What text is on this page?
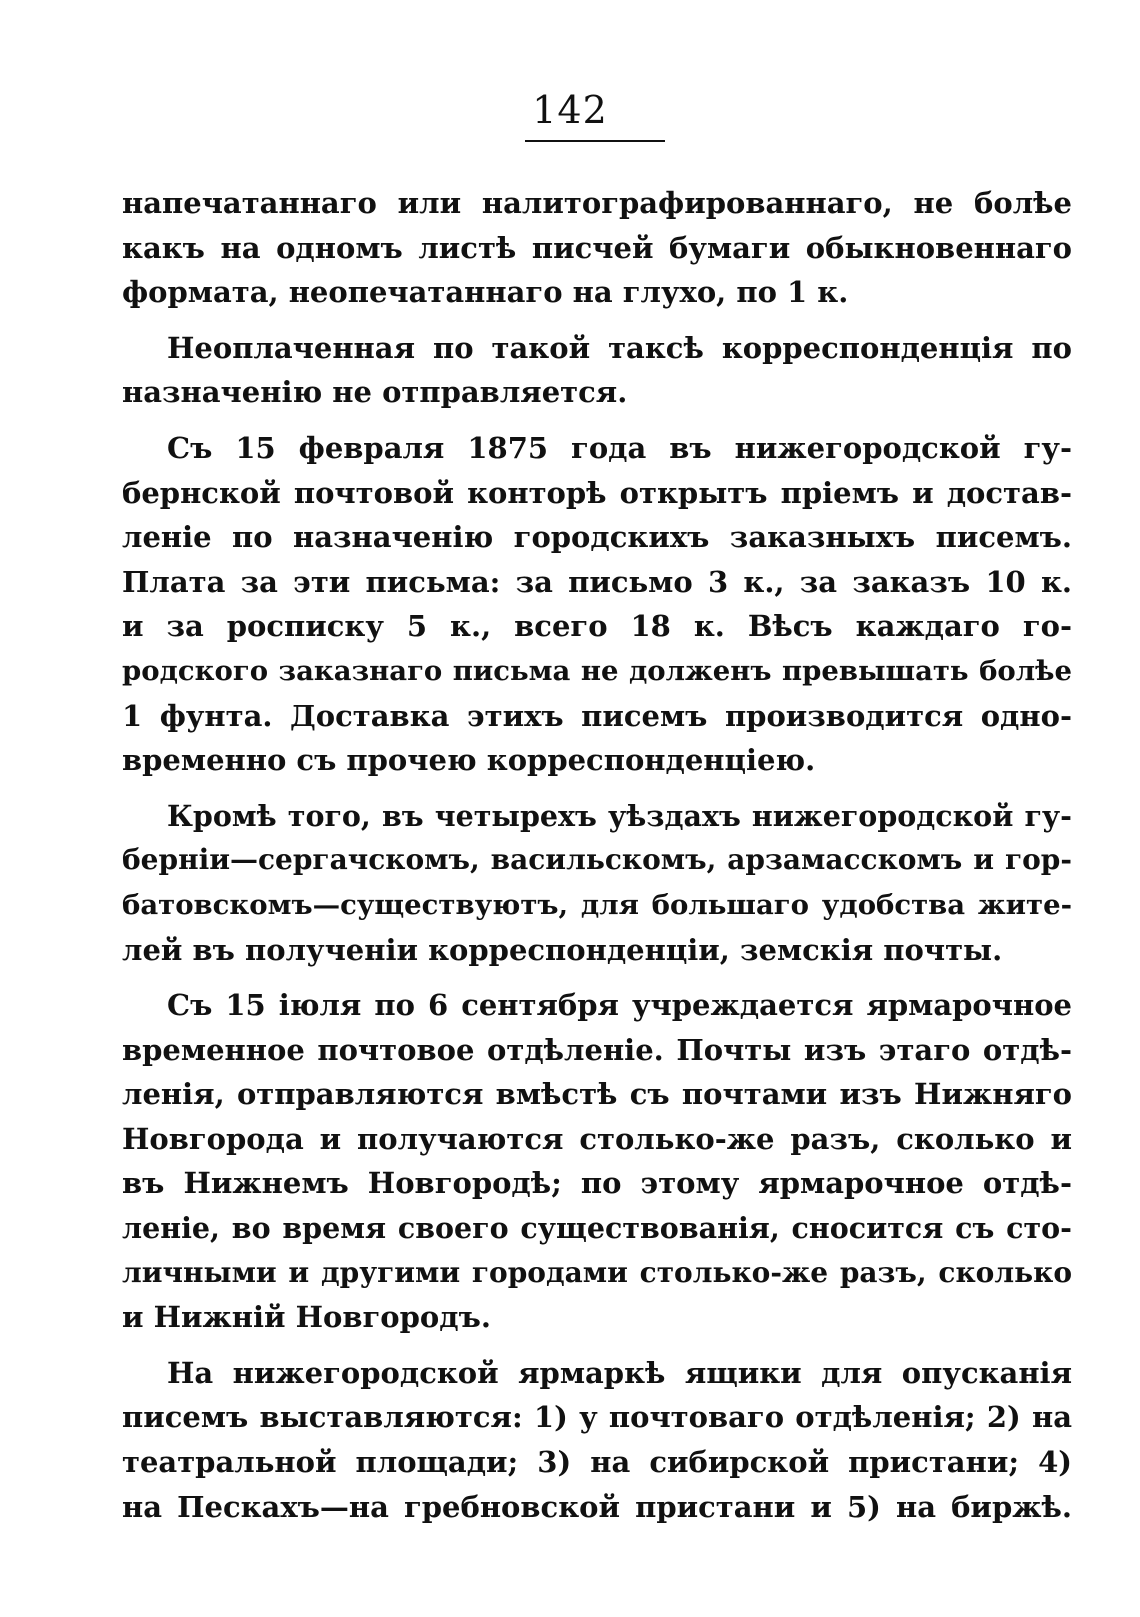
142
напечатаннаго или налитографированнаго, не болѣе
какъ на одномъ листѣ писчей бумаги обыкновеннаго
формата, неопечатаннаго на глухо, по 1 к.
Неоплаченная по такой таксѣ корреспонденція по
назначенію не отправляется.
Съ 15 февраля 1875 года въ нижегородской гу-
бернской почтовой конторѣ открытъ пріемъ и достав-
леніе по назначенію городскихъ заказныхъ писемъ.
Плата за эти письма: за письмо 3 к., за заказъ 10 к.
и за росписку 5 к., всего 18 к. Вѣсъ каждаго го-
родского заказнаго письма не долженъ превышать болѣе
1 фунта. Доставка этихъ писемъ производится одно-
временно съ прочею корреспонденціею.
Кромѣ того, въ четырехъ уѣздахъ нижегородской гу-
берніи—сергачскомъ, васильскомъ, арзамасскомъ и гор-
батовскомъ—существуютъ, для большаго удобства жите-
лей въ полученіи корреспонденціи, земскія почты.
Съ 15 іюля по 6 сентября учреждается ярмарочное
временное почтовое отдѣленіе. Почты изъ этаго отдѣ-
ленія, отправляются вмѣстѣ съ почтами изъ Нижняго
Новгорода и получаются столько-же разъ, сколько и
въ Нижнемъ Новгородѣ; по этому ярмарочное отдѣ-
леніе, во время своего существованія, сносится съ сто-
личными и другими городами столько-же разъ, сколько
и Нижній Новгородъ.
На нижегородской ярмаркѣ ящики для опусканія
писемъ выставляются: 1) у почтоваго отдѣленія; 2) на
театральной площади; 3) на сибирской пристани; 4)
на Пескахъ—на гребновской пристани и 5) на биржѣ.
